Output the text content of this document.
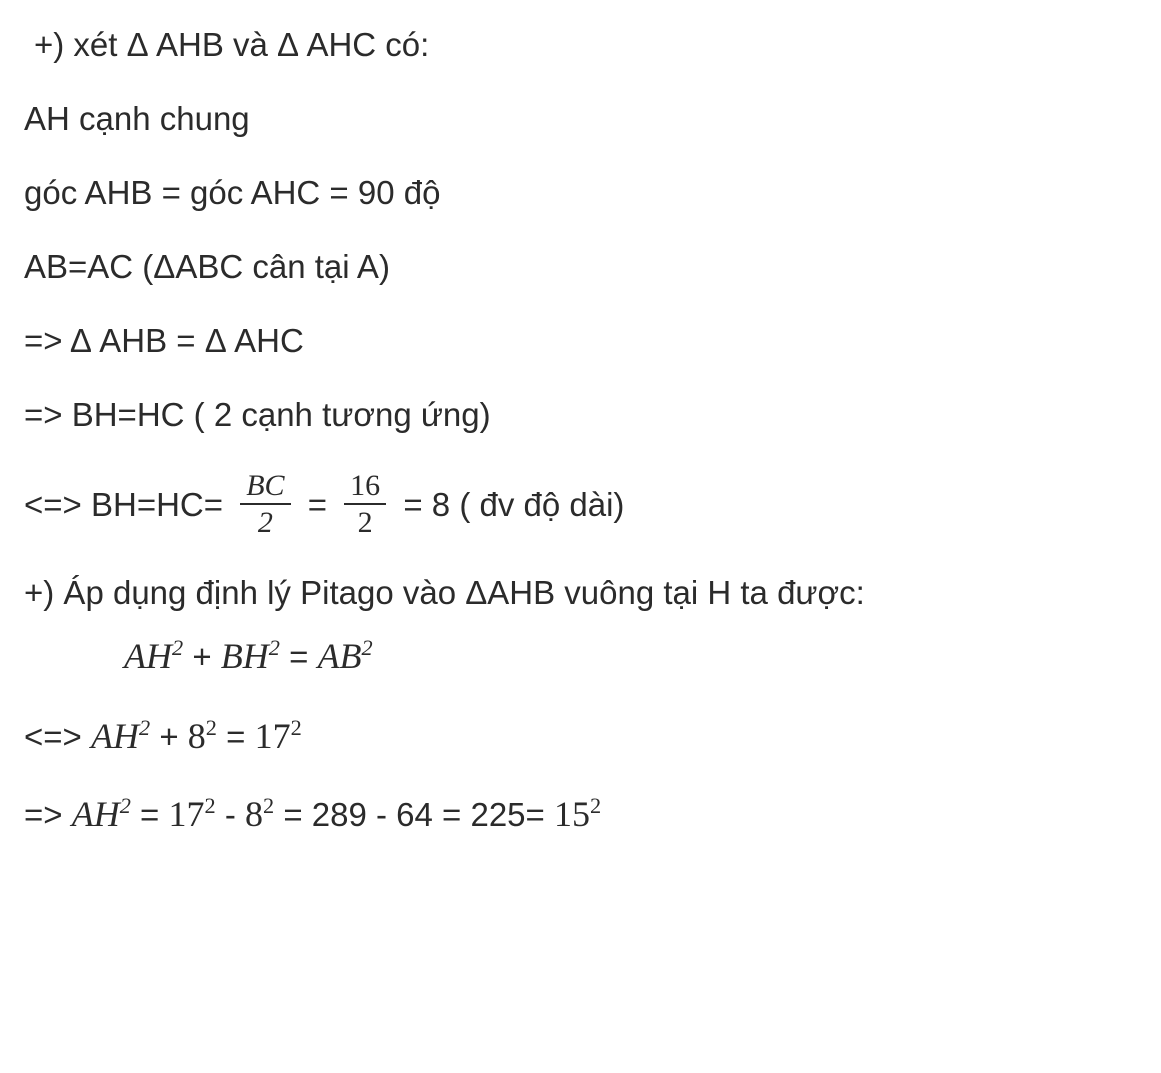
+) xét Δ AHB và Δ AHC có:
AH cạnh chung
góc AHB = góc AHC = 90 độ
AB=AC (ΔABC cân tại A)
=> Δ AHB = Δ AHC
=> BH=HC ( 2 cạnh tương ứng)
<=> $BH=HC= \frac{BC}{2} = \frac{16}{2} = 8$ ( đv độ dài)
+) Áp dụng định lý Pitago vào ΔAHB vuông tại H ta được:
$AH^2 + BH^2 = AB^2$
<=> $AH^2 + 8^2 = 17^2$
=> $AH^2 = 17^2 - 8^2 = 289 - 64 = 225= 15^2$
